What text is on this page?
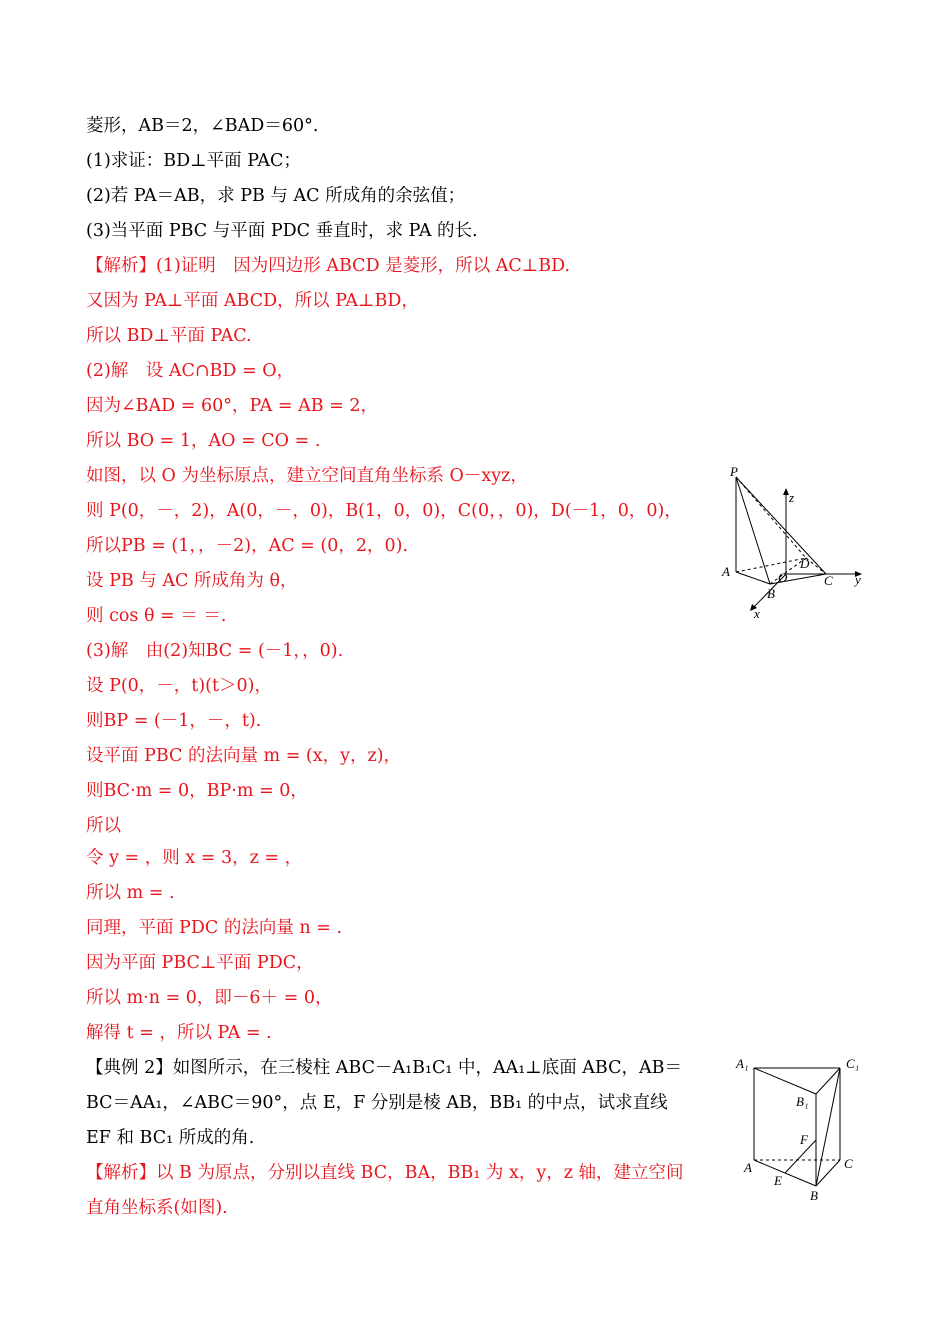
菱形，AB＝2，∠BAD＝60°.
(1)求证：BD⊥平面 PAC；
(2)若 PA＝AB，求 PB 与 AC 所成角的余弦值；
(3)当平面 PBC 与平面 PDC 垂直时，求 PA 的长.
【解析】(1)证明　因为四边形 ABCD 是菱形，所以 AC⊥BD.
又因为 PA⊥平面 ABCD，所以 PA⊥BD，
所以 BD⊥平面 PAC.
(2)解　设 AC∩BD = O，
因为∠BAD = 60°，PA = AB = 2，
所以 BO = 1，AO = CO = .
如图，以 O 为坐标原点，建立空间直角坐标系 O－xyz，
则 P(0，－，2)，A(0，－，0)，B(1，0，0)，C(0，，0)，D(－1，0，0)，
所以PB = (1，，－2)，AC = (0，2，0).
设 PB 与 AC 所成角为 θ，
则 cos θ = ＝ ＝.
(3)解　由(2)知BC = (－1，，0).
设 P(0，－，t)(t＞0)，
则BP = (－1，－，t).
设平面 PBC 的法向量 m = (x，y，z)，
则BC·m = 0，BP·m = 0，
所以
令 y = ，则 x = 3，z = ，
所以 m = .
同理，平面 PDC 的法向量 n = .
因为平面 PBC⊥平面 PDC，
所以 m·n = 0，即－6＋ = 0，
解得 t = ，所以 PA = .
【典例 2】如图所示，在三棱柱 ABC－A₁B₁C₁ 中，AA₁⊥底面 ABC，AB＝
BC＝AA₁，∠ABC＝90°，点 E，F 分别是棱 AB，BB₁ 的中点，试求直线
EF 和 BC₁ 所成的角.
【解析】以 B 为原点，分别以直线 BC，BA，BB₁ 为 x，y，z 轴，建立空间
直角坐标系(如图).
P
z
D
A	O	C y
B
x
A₁	C₁
B₁
F
A	C
E
B
